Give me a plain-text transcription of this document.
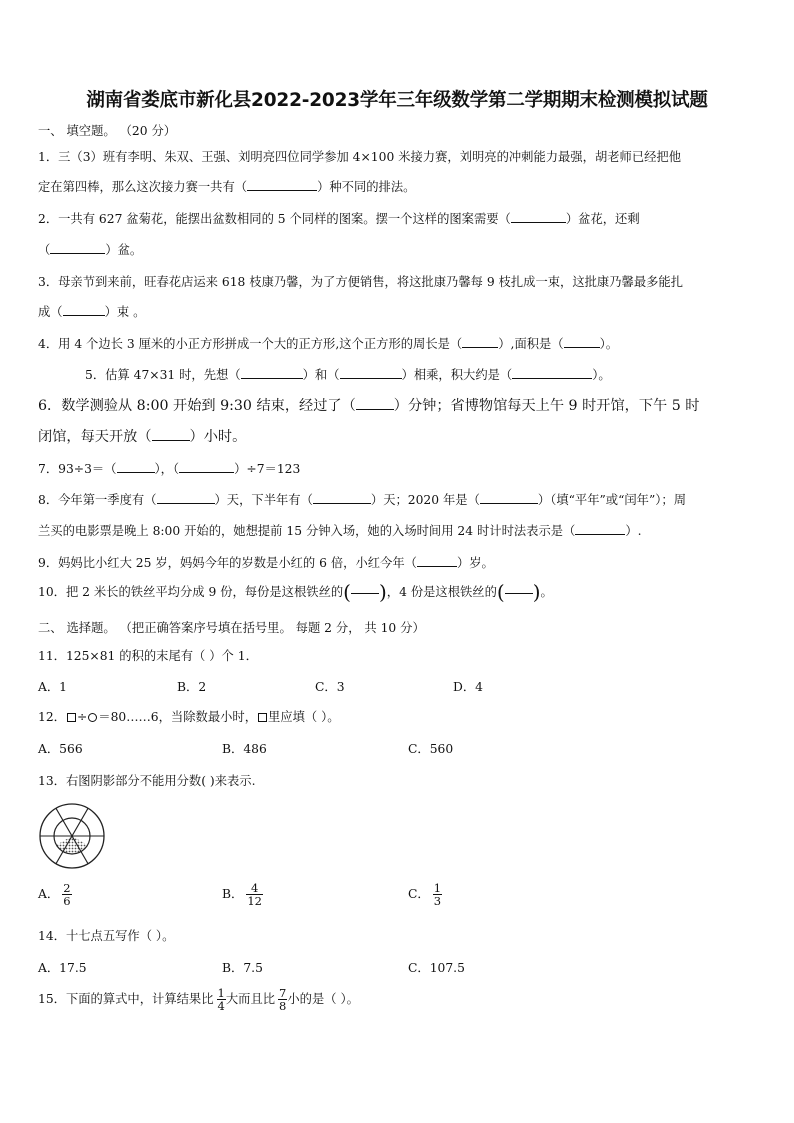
湖南省娄底市新化县2022-2023学年三年级数学第二学期期末检测模拟试题
一、 填空题。 （20 分）
1．三（3）班有李明、朱双、王强、刘明亮四位同学参加 4×100 米接力赛，刘明亮的冲刺能力最强，胡老师已经把他
定在第四棒，那么这次接力赛一共有（	）种不同的排法。
2．一共有 627 盆菊花，能摆出盆数相同的 5 个同样的图案。摆一个这样的图案需要（	）盆花，还剩
（	）盆。
3．母亲节到来前，旺春花店运来 618 枝康乃馨，为了方便销售，将这批康乃馨每 9 枝扎成一束，这批康乃馨最多能扎
成（	）束 。
4．用 4 个边长 3 厘米的小正方形拼成一个大的正方形,这个正方形的周长是（	）,面积是（	）。
5．估算 47×31 时，先想（	）和（	）相乘，积大约是（	）。
6．数学测验从 8:00 开始到 9:30 结束，经过了（	）分钟；省博物馆每天上午 9 时开馆，下午 5 时
闭馆，每天开放（	）小时。
7．93÷3＝（	），（	）÷7＝123
8．今年第一季度有（	）天，下半年有（	）天；2020 年是（	）（填“平年”或“闰年”）；周
兰买的电影票是晚上 8:00 开始的，她想提前 15 分钟入场，她的入场时间用 24 时计时法表示是（	）.
9．妈妈比小红大 25 岁，妈妈今年的岁数是小红的 6 倍，小红今年（	）岁。
10．把 2 米长的铁丝平均分成 9 份，每份是这根铁丝的( )，4 份是这根铁丝的( )。
二、 选择题。 （把正确答案序号填在括号里。 每题 2 分， 共 10 分）
11．125×81 的积的末尾有（ ）个 1．
A．1	B．2	C．3	D．4
12． ÷ ＝80……6，当除数最小时， 里应填（ ）。
A．566	B．486	C．560
13．右图阴影部分不能用分数( )来表示.
A． $\frac{2}{6}$	B． $\frac{4}{12}$	C． $\frac{1}{3}$
14．十七点五写作（ ）。
A．17.5	B．7.5	C．107.5
15．下面的算式中，计算结果比 $\frac{1}{4}$ 大而且比 $\frac{7}{8}$ 小的是（ ）。
